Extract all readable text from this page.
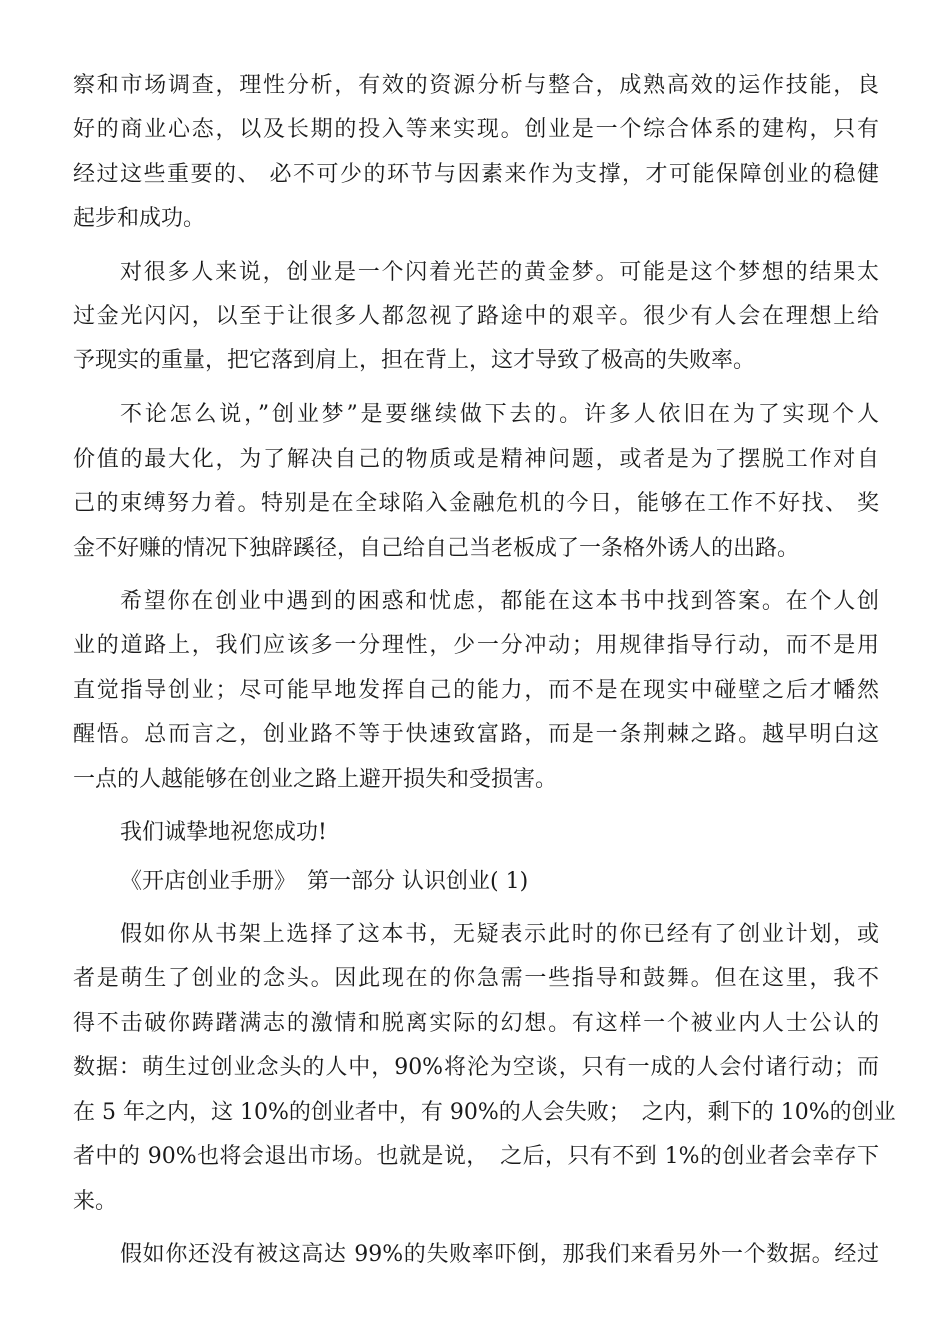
察和市场调查，理性分析，有效的资源分析与整合，成熟高效的运作技能，良
好的商业心态，以及长期的投入等来实现。创业是一个综合体系的建构，只有
经过这些重要的、 必不可少的环节与因素来作为支撑，才可能保障创业的稳健
起步和成功。
对很多人来说，创业是一个闪着光芒的黄金梦。可能是这个梦想的结果太
过金光闪闪，以至于让很多人都忽视了路途中的艰辛。很少有人会在理想上给
予现实的重量，把它落到肩上，担在背上，这才导致了极高的失败率。
不论怎么说，”创业梦”是要继续做下去的。许多人依旧在为了实现个人
价值的最大化，为了解决自己的物质或是精神问题，或者是为了摆脱工作对自
己的束缚努力着。特别是在全球陷入金融危机的今日，能够在工作不好找、 奖
金不好赚的情况下独辟蹊径，自己给自己当老板成了一条格外诱人的出路。
希望你在创业中遇到的困惑和忧虑，都能在这本书中找到答案。在个人创
业的道路上，我们应该多一分理性，少一分冲动；用规律指导行动，而不是用
直觉指导创业；尽可能早地发挥自己的能力，而不是在现实中碰壁之后才幡然
醒悟。总而言之，创业路不等于快速致富路，而是一条荆棘之路。越早明白这
一点的人越能够在创业之路上避开损失和受损害。
我们诚挚地祝您成功!
《开店创业手册》　第一部分 认识创业( 1)
假如你从书架上选择了这本书，无疑表示此时的你已经有了创业计划，或
者是萌生了创业的念头。因此现在的你急需一些指导和鼓舞。但在这里，我不
得不击破你踌躇满志的激情和脱离实际的幻想。有这样一个被业内人士公认的
数据：萌生过创业念头的人中，90%将沦为空谈，只有一成的人会付诸行动；而
在 5 年之内，这 10%的创业者中，有 90%的人会失败；　之内，剩下的 10%的创业
者中的 90%也将会退出市场。也就是说，　之后，只有不到 1%的创业者会幸存下
来。
假如你还没有被这高达 99%的失败率吓倒，那我们来看另外一个数据。经过
